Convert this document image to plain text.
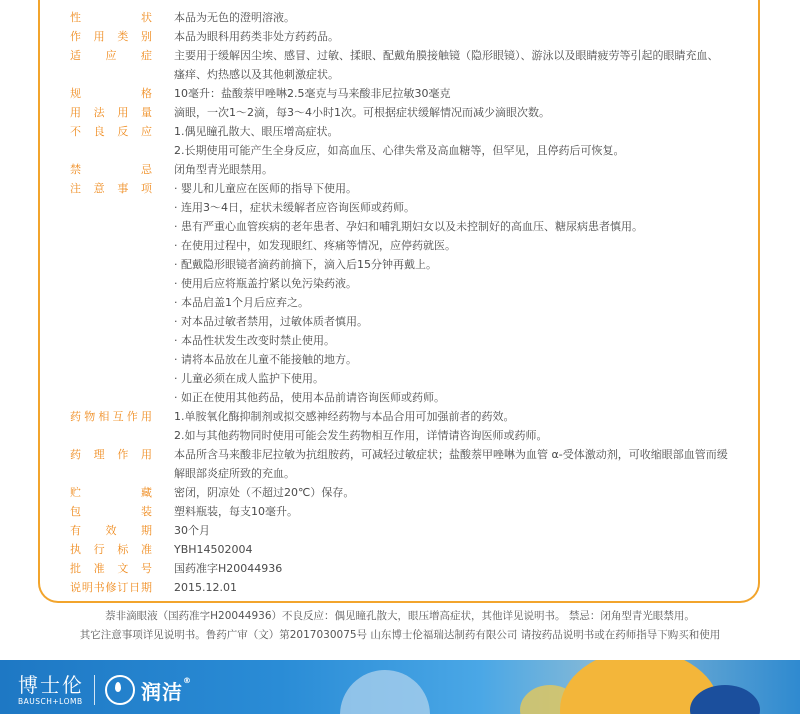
性　　　状 本品为无色的澄明溶液。
作 用 类 别 本品为眼科用药类非处方药药品。
适　应　症 主要用于缓解因尘埃、感冒、过敏、揉眼、配戴角膜接触镜（隐形眼镜）、游泳以及眼睛疲劳等引起的眼睛充血、
瘙痒、灼热感以及其他刺激症状。
规　　　格 10毫升：盐酸萘甲唑啉2.5毫克与马来酸非尼拉敏30毫克
用 法 用 量 滴眼，一次1～2滴，每3～4小时1次。可根据症状缓解情况而减少滴眼次数。
不 良 反 应 1.偶见瞳孔散大、眼压增高症状。
2.长期使用可能产生全身反应，如高血压、心律失常及高血糖等，但罕见，且停药后可恢复。
禁　　　忌 闭角型青光眼禁用。
注 意 事 项 · 婴儿和儿童应在医师的指导下使用。
· 连用3～4日，症状未缓解者应咨询医师或药师。
· 患有严重心血管疾病的老年患者、孕妇和哺乳期妇女以及未控制好的高血压、糖尿病患者慎用。
· 在使用过程中，如发现眼红、疼痛等情况，应停药就医。
· 配戴隐形眼镜者滴药前摘下，滴入后15分钟再戴上。
· 使用后应将瓶盖拧紧以免污染药液。
· 本品启盖1个月后应弃之。
· 对本品过敏者禁用，过敏体质者慎用。
· 本品性状发生改变时禁止使用。
· 请将本品放在儿童不能接触的地方。
· 儿童必须在成人监护下使用。
· 如正在使用其他药品，使用本品前请咨询医师或药师。
药物相互作用 1.单胺氧化酶抑制剂或拟交感神经药物与本品合用可加强前者的药效。
2.如与其他药物同时使用可能会发生药物相互作用，详情请咨询医师或药师。
药 理 作 用 本品所含马来酸非尼拉敏为抗组胺药，可减轻过敏症状；盐酸萘甲唑啉为血管 α-受体激动剂，可收缩眼部血管而缓
解眼部炎症所致的充血。
贮　　　藏 密闭，阴凉处（不超过20℃）保存。
包　　　装 塑料瓶装，每支10毫升。
有 效 期 30个月
执 行 标 准 YBH14502004
批 准 文 号 国药准字H20044936
说明书修订日期 2015.12.01
萘非滴眼液（国药准字H20044936）不良反应：偶见瞳孔散大，眼压增高症状，其他详见说明书。 禁忌：闭角型青光眼禁用。
其它注意事项详见说明书。鲁药广审（文）第2017030075号 山东博士伦福瑞达制药有限公司 请按药品说明书或在药师指导下购买和使用
博士伦
BAUSCH+LOMB	润洁®
